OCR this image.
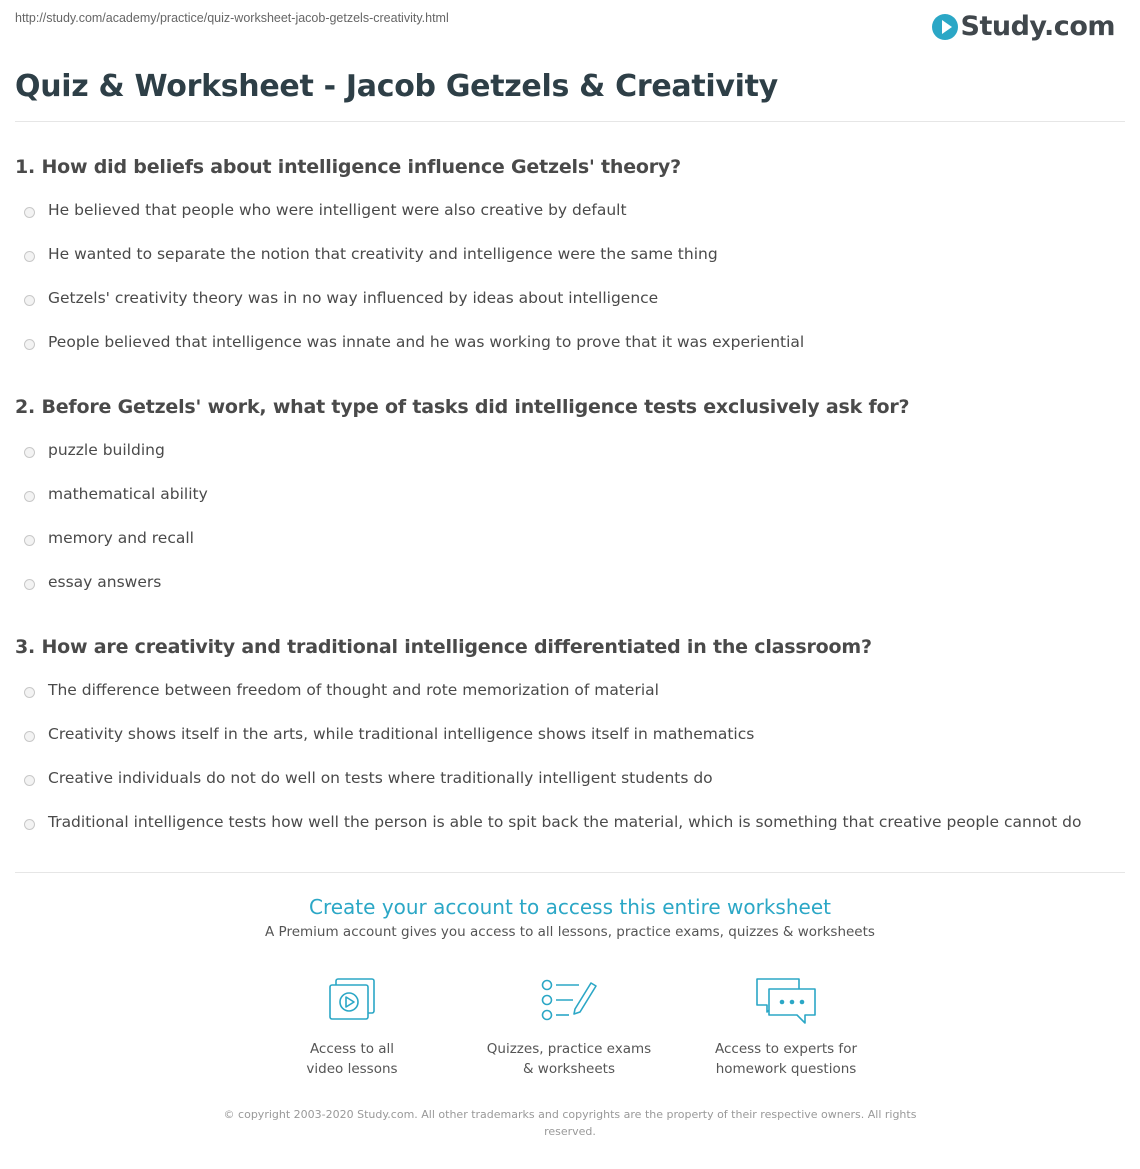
http://study.com/academy/practice/quiz-worksheet-jacob-getzels-creativity.html	Study.com
Quiz & Worksheet - Jacob Getzels & Creativity
1. How did beliefs about intelligence influence Getzels' theory?
He believed that people who were intelligent were also creative by default
He wanted to separate the notion that creativity and intelligence were the same thing
Getzels' creativity theory was in no way influenced by ideas about intelligence
People believed that intelligence was innate and he was working to prove that it was experiential
2. Before Getzels' work, what type of tasks did intelligence tests exclusively ask for?
puzzle building
mathematical ability
memory and recall
essay answers
3. How are creativity and traditional intelligence differentiated in the classroom?
The difference between freedom of thought and rote memorization of material
Creativity shows itself in the arts, while traditional intelligence shows itself in mathematics
Creative individuals do not do well on tests where traditionally intelligent students do
Traditional intelligence tests how well the person is able to spit back the material, which is something that creative people cannot do
Create your account to access this entire worksheet
A Premium account gives you access to all lessons, practice exams, quizzes & worksheets
Access to all
video lessons
Quizzes, practice exams
& worksheets
Access to experts for
homework questions
© copyright 2003-2020 Study.com. All other trademarks and copyrights are the property of their respective owners. All rights reserved.
